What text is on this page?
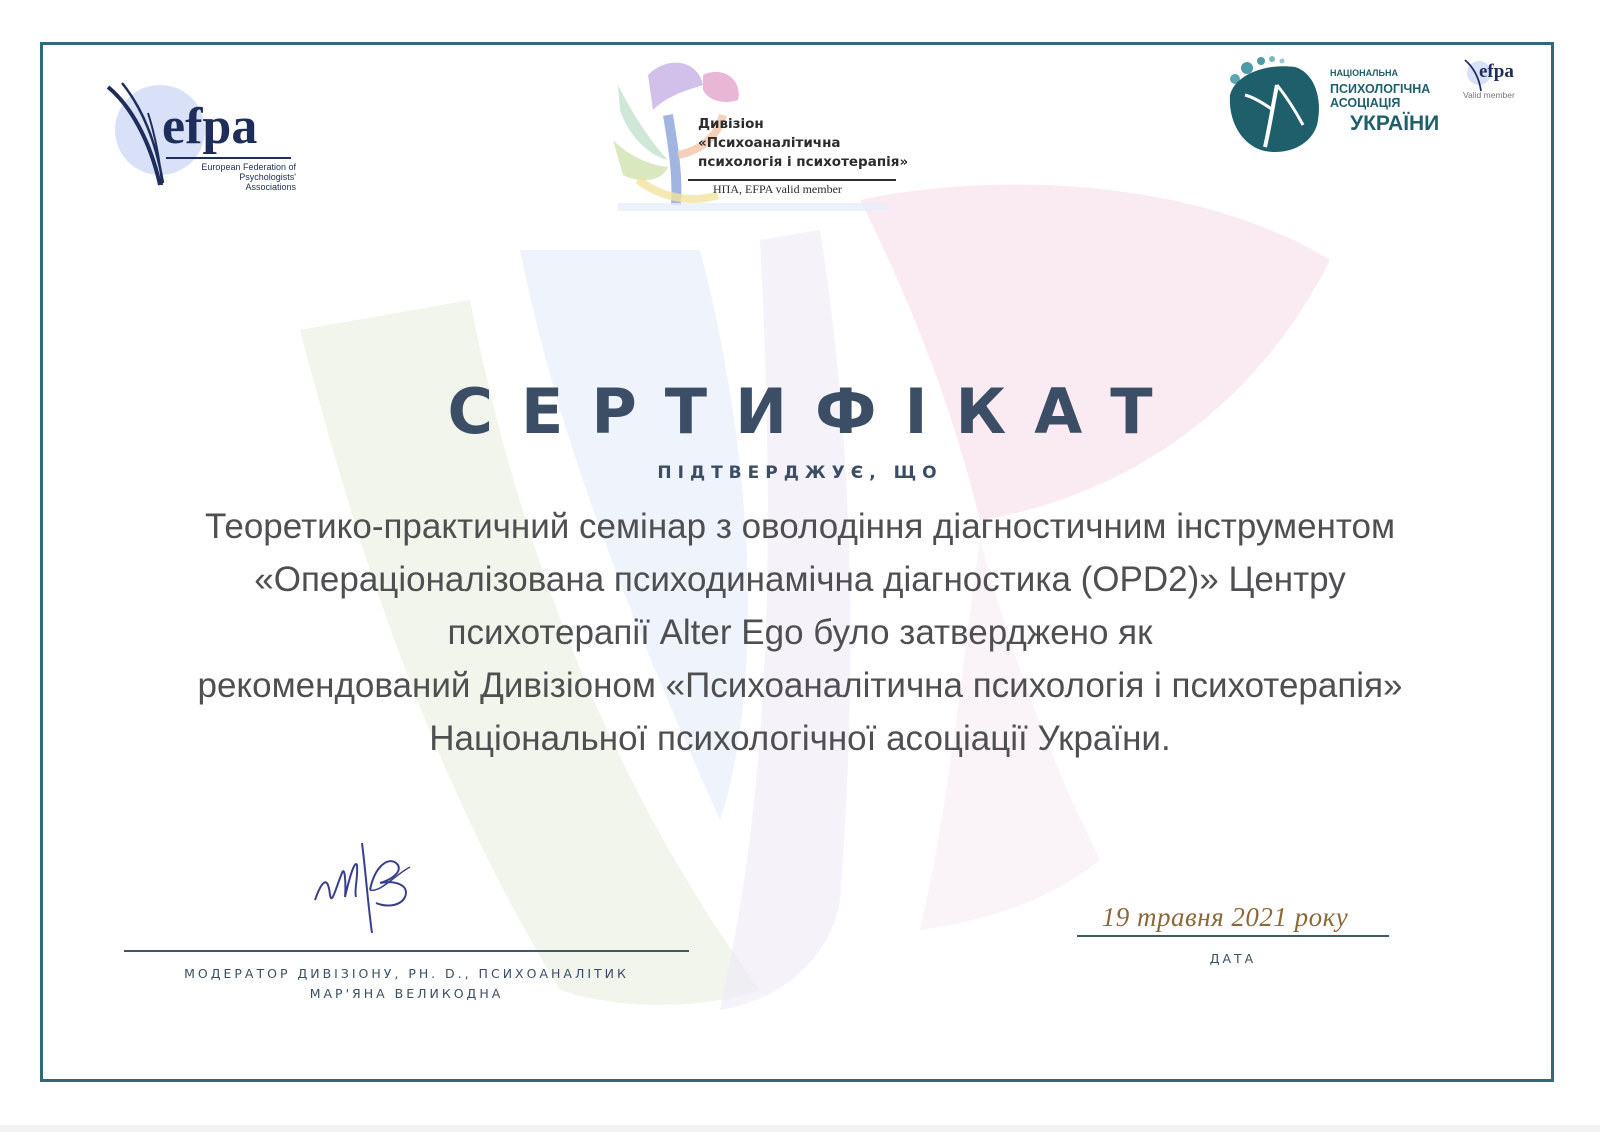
efpa
European Federation of
Psychologists' Associations
Дивізіон
«Психоаналітична
психологія і психотерапія»
НПА, EFPA valid member
НАЦІОНАЛЬНА
ПСИХОЛОГІЧНА
АСОЦІАЦІЯ
УКРАЇНИ
efpa
Valid member
СЕРТИФІКАТ
ПІДТВЕРДЖУЄ, ЩО
Теоретико-практичний семінар з оволодіння діагностичним інструментом
«Операціоналізована психодинамічна діагностика (OPD2)» Центру
психотерапії Alter Ego було затверджено як
рекомендований Дивізіоном «Психоаналітична психологія і психотерапія»
Національної психологічної асоціації України.
МОДЕРАТОР ДИВІЗІОНУ, PH. D., ПСИХОАНАЛІТИК
МАР'ЯНА ВЕЛИКОДНА
19 травня 2021 року
ДАТА
